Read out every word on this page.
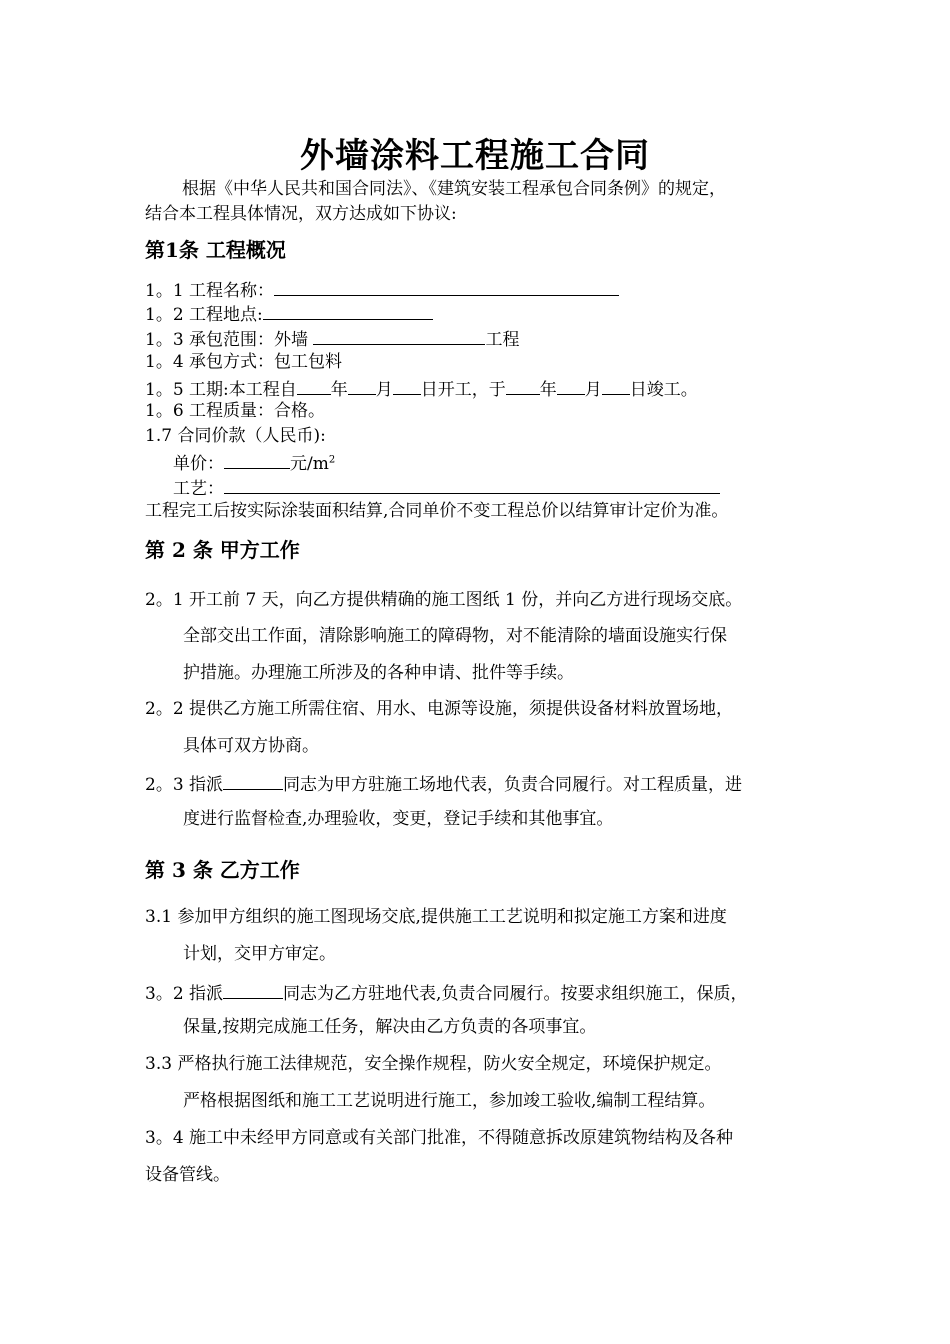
外墙涂料工程施工合同
根据《中华人民共和国合同法》、《建筑安装工程承包合同条例》的规定，
结合本工程具体情况，双方达成如下协议:
第1条 工程概况
1。1 工程名称：
1。2 工程地点:
1。3 承包范围：外墙	工程
1。4 承包方式：包工包料
1。5 工期:本工程自 年 月 日开工，于 年 月 日竣工。
1。6 工程质量：合格。
1.7 合同价款（人民币):
单价：	元$/m^2$
工艺：
工程完工后按实际涂装面积结算,合同单价不变工程总价以结算审计定价为准。
第 2 条 甲方工作
2。1 开工前 7 天，向乙方提供精确的施工图纸 1 份，并向乙方进行现场交底。
全部交出工作面，清除影响施工的障碍物，对不能清除的墙面设施实行保
护措施。办理施工所涉及的各种申请、批件等手续。
2。2 提供乙方施工所需住宿、用水、电源等设施，须提供设备材料放置场地，
具体可双方协商。
2。3 指派	同志为甲方驻施工场地代表，负责合同履行。对工程质量，进
度进行监督检查,办理验收，变更，登记手续和其他事宜。
第 3 条 乙方工作
3.1 参加甲方组织的施工图现场交底,提供施工工艺说明和拟定施工方案和进度
计划，交甲方审定。
3。2 指派	同志为乙方驻地代表,负责合同履行。按要求组织施工，保质，
保量,按期完成施工任务，解决由乙方负责的各项事宜。
3.3 严格执行施工法律规范，安全操作规程，防火安全规定，环境保护规定。
严格根据图纸和施工工艺说明进行施工，参加竣工验收,编制工程结算。
3。4 施工中未经甲方同意或有关部门批准，不得随意拆改原建筑物结构及各种
设备管线。
